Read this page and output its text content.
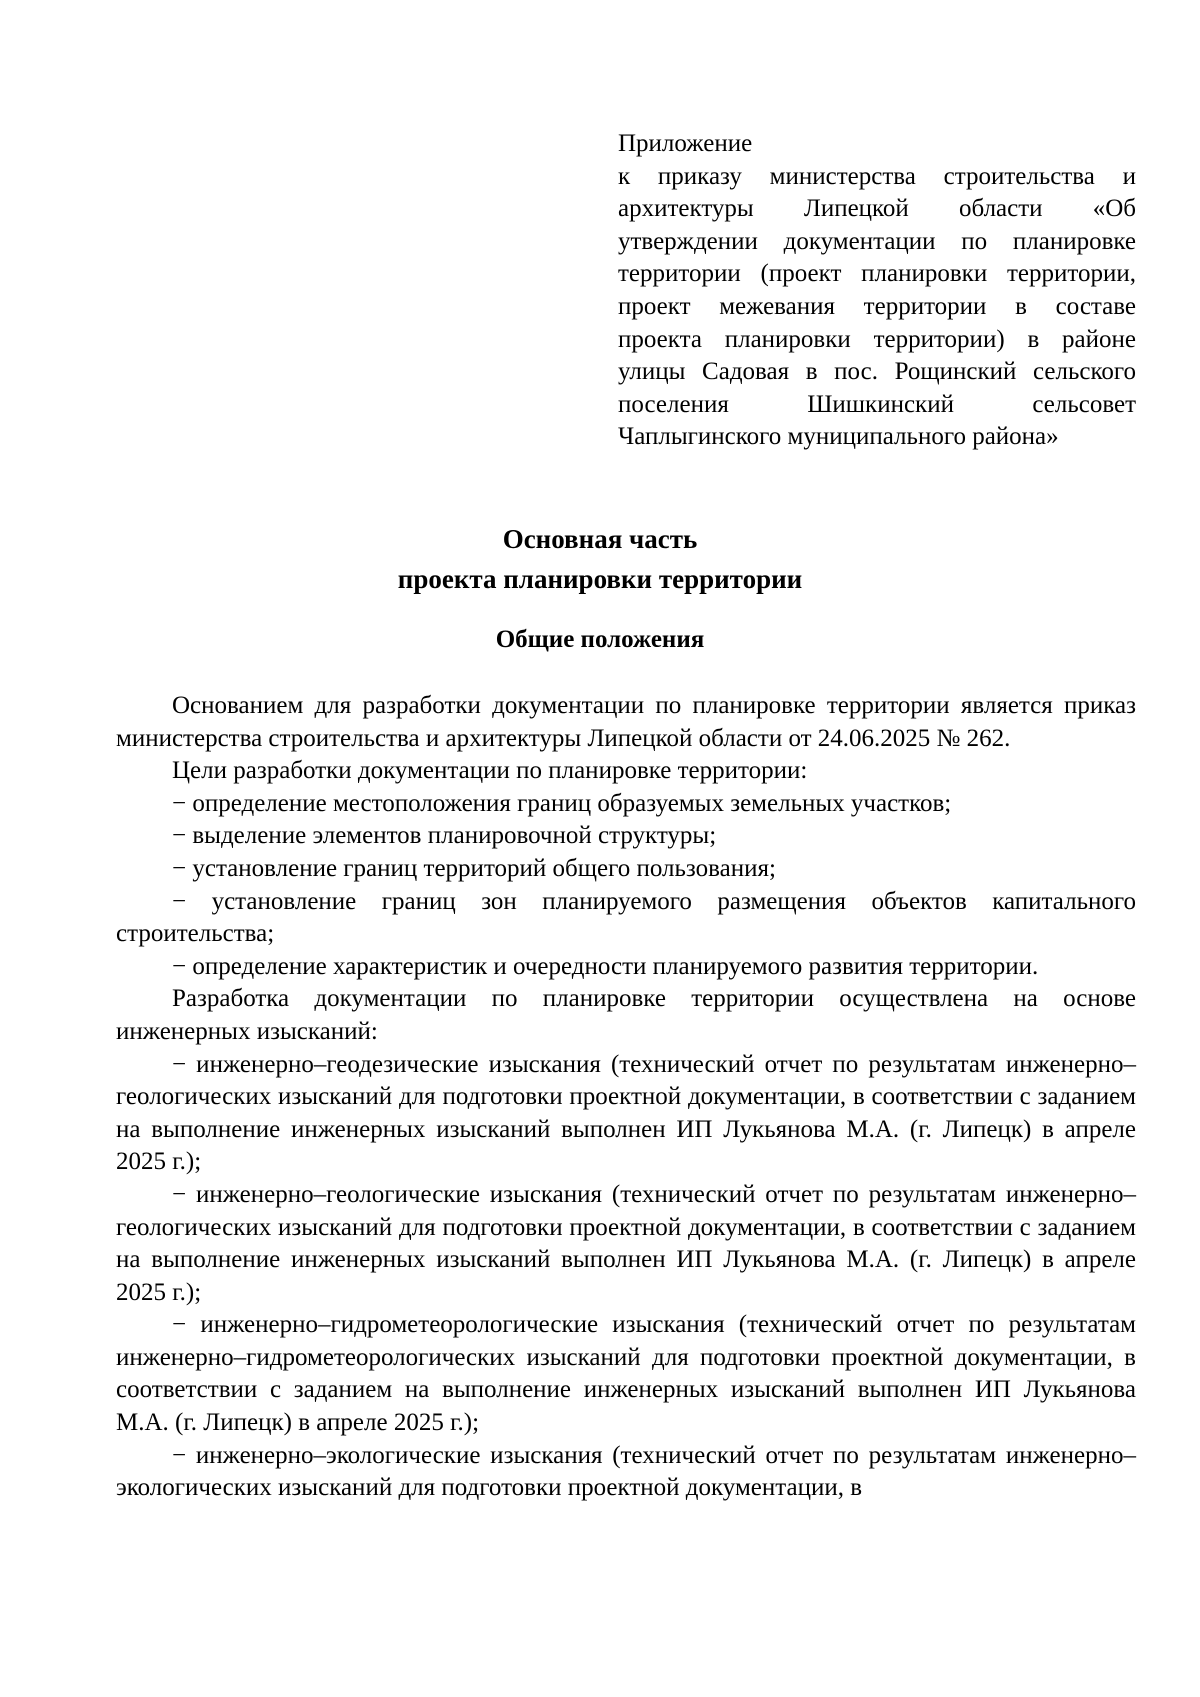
Приложение
к приказу министерства строительства и архитектуры Липецкой области «Об утверждении документации по планировке территории (проект планировки территории, проект межевания территории в составе проекта планировки территории) в районе улицы Садовая в пос. Рощинский сельского поселения Шишкинский сельсовет Чаплыгинского муниципального района»
Основная часть
проекта планировки территории
Общие положения

Основанием для разработки документации по планировке территории является приказ министерства строительства и архитектуры Липецкой области от 24.06.2025 № 262.

Цели разработки документации по планировке территории:

− определение местоположения границ образуемых земельных участков;

− выделение элементов планировочной структуры;

− установление границ территорий общего пользования;

− установление границ зон планируемого размещения объектов капитального строительства;

− определение характеристик и очередности планируемого развития территории.

Разработка документации по планировке территории осуществлена на основе инженерных изысканий:

− инженерно–геодезические изыскания (технический отчет по результатам инженерно–геологических изысканий для подготовки проектной документации, в соответствии с заданием на выполнение инженерных изысканий выполнен ИП Лукьянова М.А. (г. Липецк) в апреле 2025 г.);

− инженерно–геологические изыскания (технический отчет по результатам инженерно–геологических изысканий для подготовки проектной документации, в соответствии с заданием на выполнение инженерных изысканий выполнен ИП Лукьянова М.А. (г. Липецк) в апреле 2025 г.);

− инженерно–гидрометеорологические изыскания (технический отчет по результатам инженерно–гидрометеорологических изысканий для подготовки проектной документации, в соответствии с заданием на выполнение инженерных изысканий выполнен ИП Лукьянова М.А. (г. Липецк) в апреле 2025 г.);

− инженерно–экологические изыскания (технический отчет по результатам инженерно–экологических изысканий для подготовки проектной документации, в
